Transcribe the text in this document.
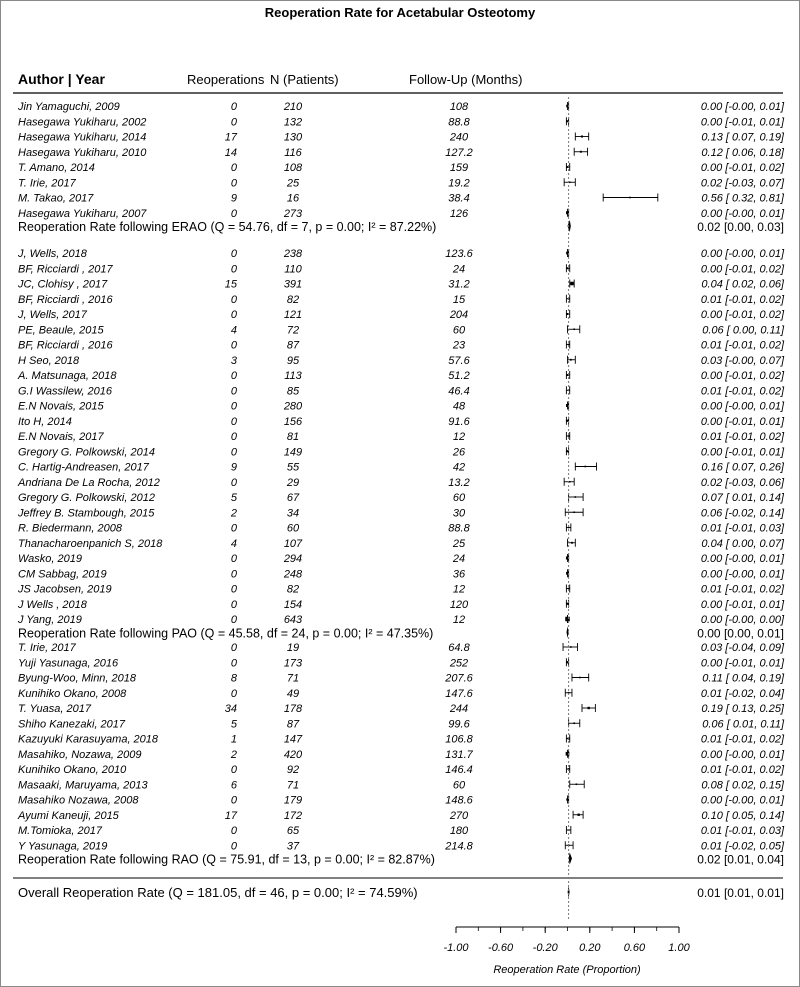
Reoperation Rate for Acetabular Osteotomy
Author | Year	Reoperations N (Patients)	Follow-Up (Months)
Jin Yamaguchi, 2009	0	210	108	0.00 [-0.00, 0.01]
Hasegawa Yukiharu, 2002	0	132	88.8	0.00 [-0.01, 0.01]
Hasegawa Yukiharu, 2014	17	130	240	0.13 [ 0.07, 0.19]
Hasegawa Yukiharu, 2010	14	116	127.2	0.12 [ 0.06, 0.18]
T. Amano, 2014	0	108	159	0.00 [-0.01, 0.02]
T. Irie, 2017	0	25	19.2	0.02 [-0.03, 0.07]
M. Takao, 2017	9	16	38.4	0.56 [ 0.32, 0.81]
Hasegawa Yukiharu, 2007	0	273	126	0.00 [-0.00, 0.01]
Reoperation Rate following ERAO (Q = 54.76, df = 7, p = 0.00; I² = 87.22%)	0.02 [0.00, 0.03]
J, Wells, 2018	0	238	123.6	0.00 [-0.00, 0.01]
BF, Ricciardi , 2017	0	110	24	0.00 [-0.01, 0.02]
JC, Clohisy , 2017	15	391	31.2	0.04 [ 0.02, 0.06]
BF, Ricciardi , 2016	0	82	15	0.01 [-0.01, 0.02]
J, Wells, 2017	0	121	204	0.00 [-0.01, 0.02]
PE, Beaule, 2015	4	72	60	0.06 [ 0.00, 0.11]
BF, Ricciardi , 2016	0	87	23	0.01 [-0.01, 0.02]
H Seo, 2018	3	95	57.6	0.03 [-0.00, 0.07]
A. Matsunaga, 2018	0	113	51.2	0.00 [-0.01, 0.02]
G.I Wassilew, 2016	0	85	46.4	0.01 [-0.01, 0.02]
E.N Novais, 2015	0	280	48	0.00 [-0.00, 0.01]
Ito H, 2014	0	156	91.6	0.00 [-0.01, 0.01]
E.N Novais, 2017	0	81	12	0.01 [-0.01, 0.02]
Gregory G. Polkowski, 2014	0	149	26	0.00 [-0.01, 0.01]
C. Hartig-Andreasen, 2017	9	55	42	0.16 [ 0.07, 0.26]
Andriana De La Rocha, 2012	0	29	13.2	0.02 [-0.03, 0.06]
Gregory G. Polkowski, 2012	5	67	60	0.07 [ 0.01, 0.14]
Jeffrey B. Stambough, 2015	2	34	30	0.06 [-0.02, 0.14]
R. Biedermann, 2008	0	60	88.8	0.01 [-0.01, 0.03]
Thanacharoenpanich S, 2018	4	107	25	0.04 [ 0.00, 0.07]
Wasko, 2019	0	294	24	0.00 [-0.00, 0.01]
CM Sabbag, 2019	0	248	36	0.00 [-0.00, 0.01]
JS Jacobsen, 2019	0	82	12	0.01 [-0.01, 0.02]
J Wells , 2018	0	154	120	0.00 [-0.01, 0.01]
J Yang, 2019	0	643	12	0.00 [-0.00, 0.00]
Reoperation Rate following PAO (Q = 45.58, df = 24, p = 0.00; I² = 47.35%)	0.00 [0.00, 0.01]
T. Irie, 2017	0	19	64.8	0.03 [-0.04, 0.09]
Yuji Yasunaga, 2016	0	173	252	0.00 [-0.01, 0.01]
Byung-Woo, Minn, 2018	8	71	207.6	0.11 [ 0.04, 0.19]
Kunihiko Okano, 2008	0	49	147.6	0.01 [-0.02, 0.04]
T. Yuasa, 2017	34	178	244	0.19 [ 0.13, 0.25]
Shiho Kanezaki, 2017	5	87	99.6	0.06 [ 0.01, 0.11]
Kazuyuki Karasuyama, 2018	1	147	106.8	0.01 [-0.01, 0.02]
Masahiko, Nozawa, 2009	2	420	131.7	0.00 [-0.00, 0.01]
Kunihiko Okano, 2010	0	92	146.4	0.01 [-0.01, 0.02]
Masaaki, Maruyama, 2013	6	71	60	0.08 [ 0.02, 0.15]
Masahiko Nozawa, 2008	0	179	148.6	0.00 [-0.00, 0.01]
Ayumi Kaneuji, 2015	17	172	270	0.10 [ 0.05, 0.14]
M.Tomioka, 2017	0	65	180	0.01 [-0.01, 0.03]
Y Yasunaga, 2019	0	37	214.8	0.01 [-0.02, 0.05]
Reoperation Rate following RAO (Q = 75.91, df = 13, p = 0.00; I² = 82.87%)	0.02 [0.01, 0.04]
Overall Reoperation Rate (Q = 181.05, df = 46, p = 0.00; I² = 74.59%)	0.01 [0.01, 0.01]
-1.00 -0.60 -0.20 0.20 0.60 1.00
Reoperation Rate (Proportion)
